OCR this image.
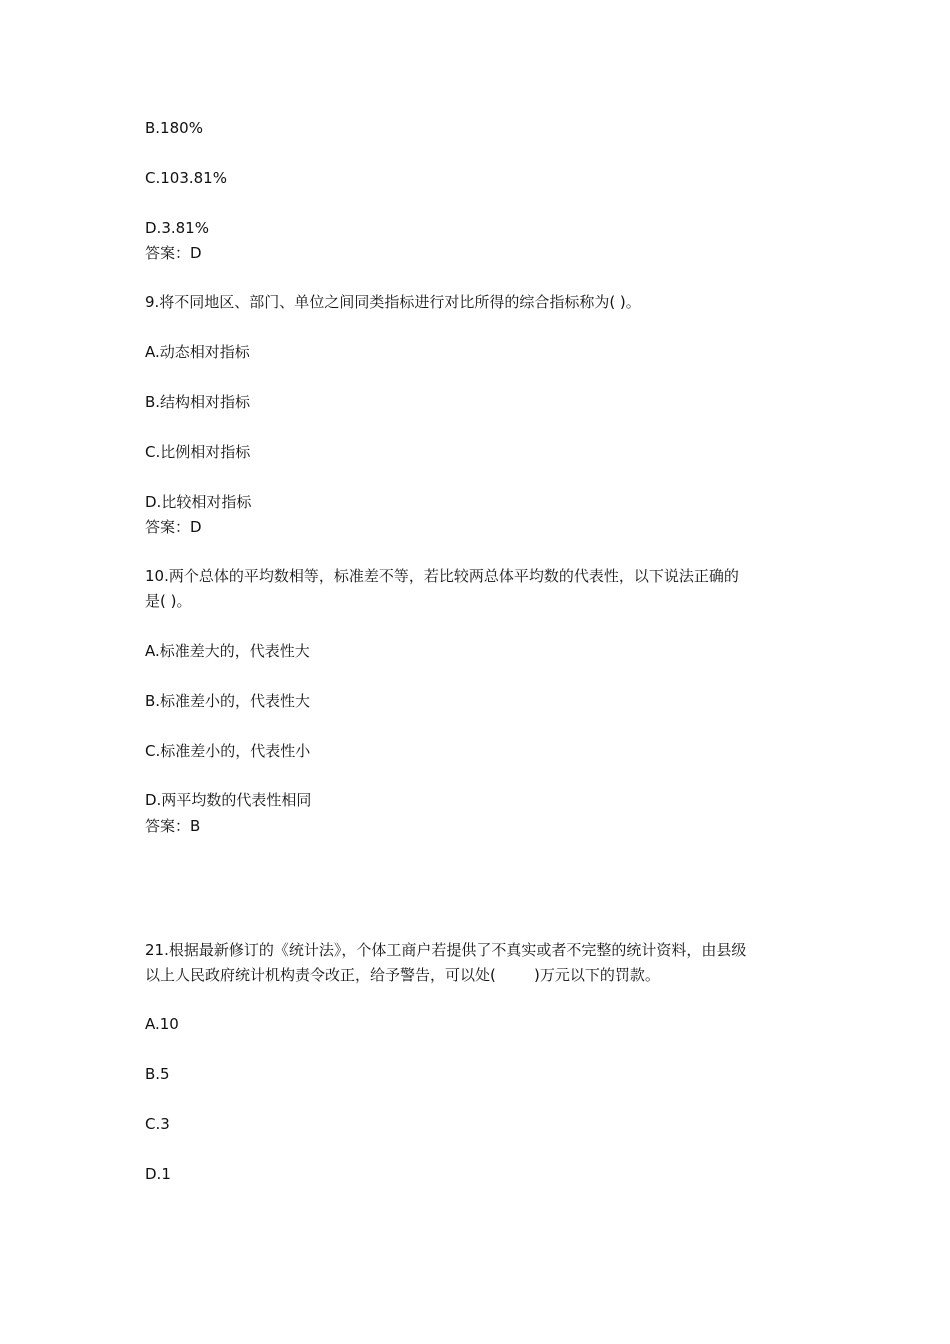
B.180%
C.103.81%
D.3.81%
答案：D
9.将不同地区、部门、单位之间同类指标进行对比所得的综合指标称为( )。
A.动态相对指标
B.结构相对指标
C.比例相对指标
D.比较相对指标
答案：D
10.两个总体的平均数相等，标准差不等，若比较两总体平均数的代表性，以下说法正确的
是( )。
A.标准差大的，代表性大
B.标准差小的，代表性大
C.标准差小的，代表性小
D.两平均数的代表性相同
答案：B
21.根据最新修订的《统计法》，个体工商户若提供了不真实或者不完整的统计资料，由县级
以上人民政府统计机构责令改正，给予警告，可以处(        )万元以下的罚款。
A.10
B.5
C.3
D.1
